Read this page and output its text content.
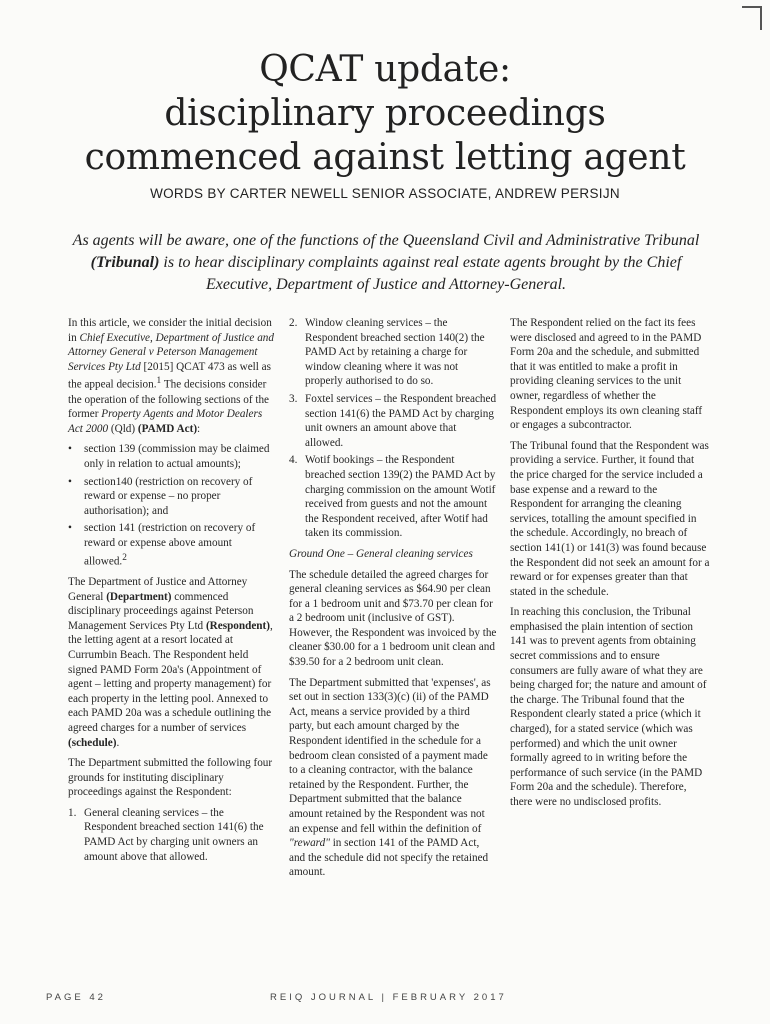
QCAT update:
disciplinary proceedings
commenced against letting agent
WORDS BY CARTER NEWELL SENIOR ASSOCIATE, ANDREW PERSIJN
As agents will be aware, one of the functions of the Queensland Civil and Administrative Tribunal (Tribunal) is to hear disciplinary complaints against real estate agents brought by the Chief Executive, Department of Justice and Attorney-General.

In this article, we consider the initial decision in Chief Executive, Department of Justice and Attorney General v Peterson Management Services Pty Ltd [2015] QCAT 473 as well as the appeal decision.$^1$ The decisions consider the operation of the following sections of the former Property Agents and Motor Dealers Act 2000 (Qld) (PAMD Act):

• section 139 (commission may be claimed only in relation to actual amounts);
• section140 (restriction on recovery of reward or expense – no proper authorisation); and
• section 141 (restriction on recovery of reward or expense above amount allowed.$^2$

The Department of Justice and Attorney General (Department) commenced disciplinary proceedings against Peterson Management Services Pty Ltd (Respondent), the letting agent at a resort located at Currumbin Beach. The Respondent held signed PAMD Form 20a's (Appointment of agent – letting and property management) for each property in the letting pool. Annexed to each PAMD 20a was a schedule outlining the agreed charges for a number of services (schedule).

The Department submitted the following four grounds for instituting disciplinary proceedings against the Respondent:

1. General cleaning services – the Respondent breached section 141(6) the PAMD Act by charging unit owners an amount above that allowed.
2. Window cleaning services – the Respondent breached section 140(2) the PAMD Act by retaining a charge for window cleaning where it was not properly authorised to do so.
3. Foxtel services – the Respondent breached section 141(6) the PAMD Act by charging unit owners an amount above that allowed.
4. Wotif bookings – the Respondent breached section 139(2) the PAMD Act by charging commission on the amount Wotif received from guests and not the amount the Respondent received, after Wotif had taken its commission.

Ground One – General cleaning services

The schedule detailed the agreed charges for general cleaning services as $64.90 per clean for a 1 bedroom unit and $73.70 per clean for a 2 bedroom unit (inclusive of GST). However, the Respondent was invoiced by the cleaner $30.00 for a 1 bedroom unit clean and $39.50 for a 2 bedroom unit clean.

The Department submitted that 'expenses', as set out in section 133(3)(c) (ii) of the PAMD Act, means a service provided by a third party, but each amount charged by the Respondent identified in the schedule for a bedroom clean consisted of a payment made to a cleaning contractor, with the balance retained by the Respondent. Further, the Department submitted that the balance amount retained by the Respondent was not an expense and fell within the definition of "reward" in section 141 of the PAMD Act, and the schedule did not specify the retained amount.

The Respondent relied on the fact its fees were disclosed and agreed to in the PAMD Form 20a and the schedule, and submitted that it was entitled to make a profit in providing cleaning services to the unit owner, regardless of whether the Respondent employs its own cleaning staff or engages a subcontractor.

The Tribunal found that the Respondent was providing a service. Further, it found that the price charged for the service included a base expense and a reward to the Respondent for arranging the cleaning services, totalling the amount specified in the schedule. Accordingly, no breach of section 141(1) or 141(3) was found because the Respondent did not seek an amount for a reward or for expenses greater than that stated in the schedule.

In reaching this conclusion, the Tribunal emphasised the plain intention of section 141 was to prevent agents from obtaining secret commissions and to ensure consumers are fully aware of what they are being charged for; the nature and amount of the charge. The Tribunal found that the Respondent clearly stated a price (which it charged), for a stated service (which was performed) and which the unit owner formally agreed to in writing before the performance of such service (in the PAMD Form 20a and the schedule). Therefore, there were no undisclosed profits.

PAGE 42	REIQ JOURNAL | FEBRUARY 2017
